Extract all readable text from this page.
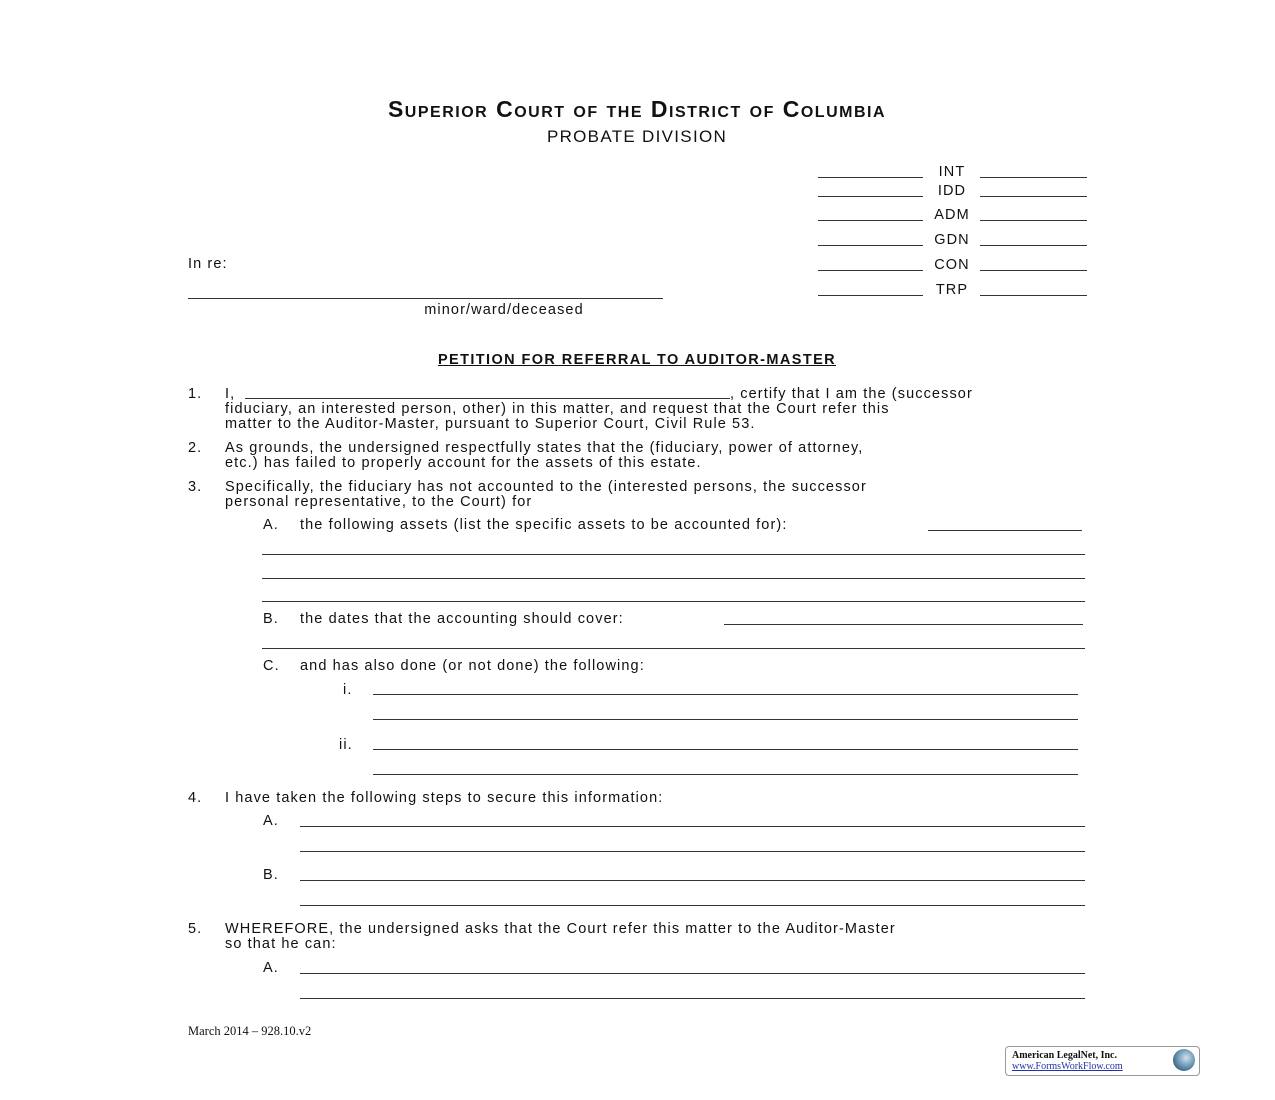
Superior Court of the District of Columbia
PROBATE DIVISION
INT
IDD
ADM
GDN
CON
TRP
In re:
minor/ward/deceased
PETITION FOR REFERRAL TO AUDITOR-MASTER
1. I,	, certify that I am the (successor
fiduciary, an interested person, other) in this matter, and request that the Court refer this
matter to the Auditor-Master, pursuant to Superior Court, Civil Rule 53.
2. As grounds, the undersigned respectfully states that the (fiduciary, power of attorney,
etc.) has failed to properly account for the assets of this estate.
3. Specifically, the fiduciary has not accounted to the (interested persons, the successor
personal representative, to the Court) for
A. the following assets (list the specific assets to be accounted for):
B. the dates that the accounting should cover:
C. and has also done (or not done) the following:
i.
ii.
4. I have taken the following steps to secure this information:
A.
B.
5. WHEREFORE, the undersigned asks that the Court refer this matter to the Auditor-Master
so that he can:
A.
March 2014 – 928.10.v2
American LegalNet, Inc.
www.FormsWorkFlow.com
